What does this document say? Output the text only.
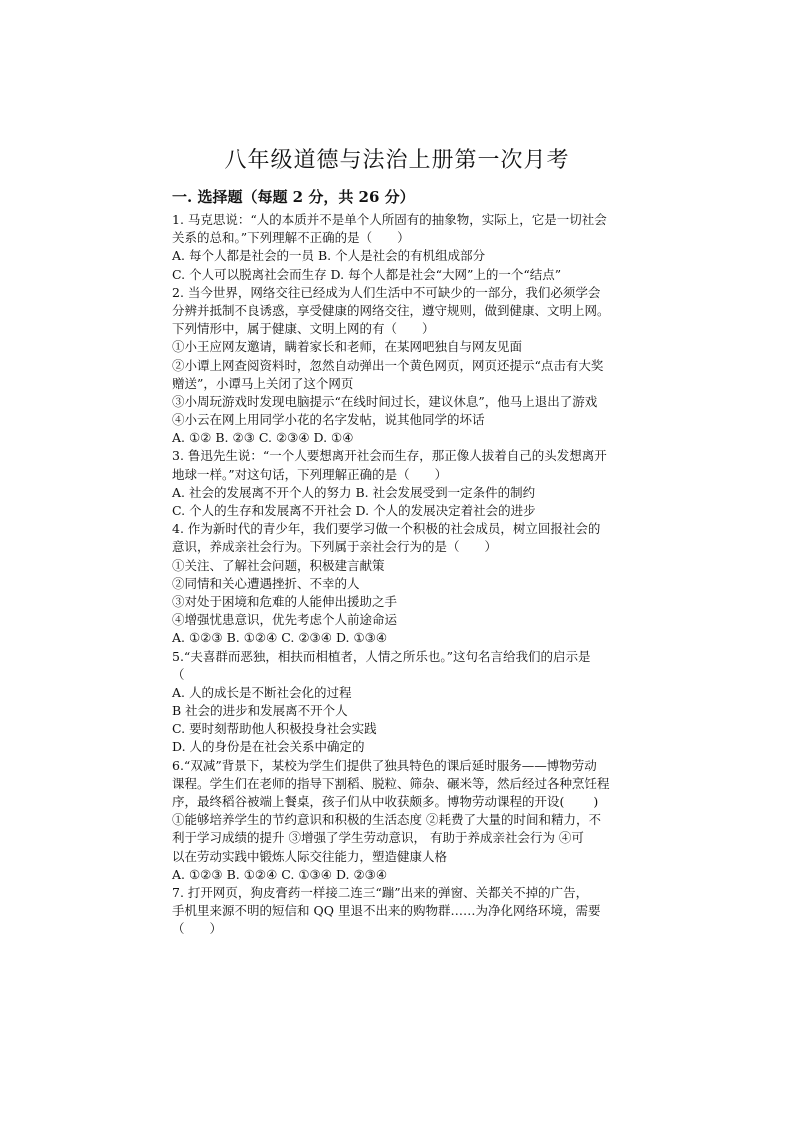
八年级道德与法治上册第一次月考
一. 选择题（每题 2 分，共 26 分）
1. 马克思说：“人的本质并不是单个人所固有的抽象物，实际上，它是一切社会
关系的总和。”下列理解不正确的是（　　）
A. 每个人都是社会的一员 B. 个人是社会的有机组成部分
C. 个人可以脱离社会而生存 D. 每个人都是社会“大网”上的一个“结点”
2. 当今世界，网络交往已经成为人们生活中不可缺少的一部分，我们必须学会
分辨并抵制不良诱惑，享受健康的网络交往，遵守规则，做到健康、文明上网。
下列情形中，属于健康、文明上网的有（　　）
①小王应网友邀请，瞒着家长和老师，在某网吧独自与网友见面
②小谭上网查阅资料时，忽然自动弹出一个黄色网页，网页还提示“点击有大奖
赠送”，小谭马上关闭了这个网页
③小周玩游戏时发现电脑提示“在线时间过长，建议休息”，他马上退出了游戏
④小云在网上用同学小花的名字发帖，说其他同学的坏话
A. ①② B. ②③ C. ②③④ D. ①④
3. 鲁迅先生说：“一个人要想离开社会而生存，那正像人拔着自己的头发想离开
地球一样。”对这句话，下列理解正确的是（　　）
A. 社会的发展离不开个人的努力 B. 社会发展受到一定条件的制约
C. 个人的生存和发展离不开社会 D. 个人的发展决定着社会的进步
4. 作为新时代的青少年，我们要学习做一个积极的社会成员，树立回报社会的
意识，养成亲社会行为。下列属于亲社会行为的是（　　）
①关注、了解社会问题，积极建言献策
②同情和关心遭遇挫折、不幸的人
③对处于困境和危难的人能伸出援助之手
④增强忧患意识，优先考虑个人前途命运
A. ①②③ B. ①②④ C. ②③④ D. ①③④
5.“夫喜群而恶独，相扶而相植者，人情之所乐也。”这句名言给我们的启示是
（
A. 人的成长是不断社会化的过程
B 社会的进步和发展离不开个人
C. 要时刻帮助他人积极投身社会实践
D. 人的身份是在社会关系中确定的
6.“双减”背景下，某校为学生们提供了独具特色的课后延时服务——博物劳动
课程。学生们在老师的指导下割稻、脱粒、筛杂、碾米等，然后经过各种烹饪程
序，最终稻谷被端上餐桌，孩子们从中收获颇多。博物劳动课程的开设(　　 )
①能够培养学生的节约意识和积极的生活态度 ②耗费了大量的时间和精力，不
利于学习成绩的提升 ③增强了学生劳动意识， 有助于养成亲社会行为 ④可
以在劳动实践中锻炼人际交往能力，塑造健康人格
A. ①②③ B. ①②④ C. ①③④ D. ②③④
7. 打开网页，狗皮膏药一样接二连三“蹦”出来的弹窗、关都关不掉的广告，
手机里来源不明的短信和 QQ 里退不出来的购物群……为净化网络环境，需要
（　　）
